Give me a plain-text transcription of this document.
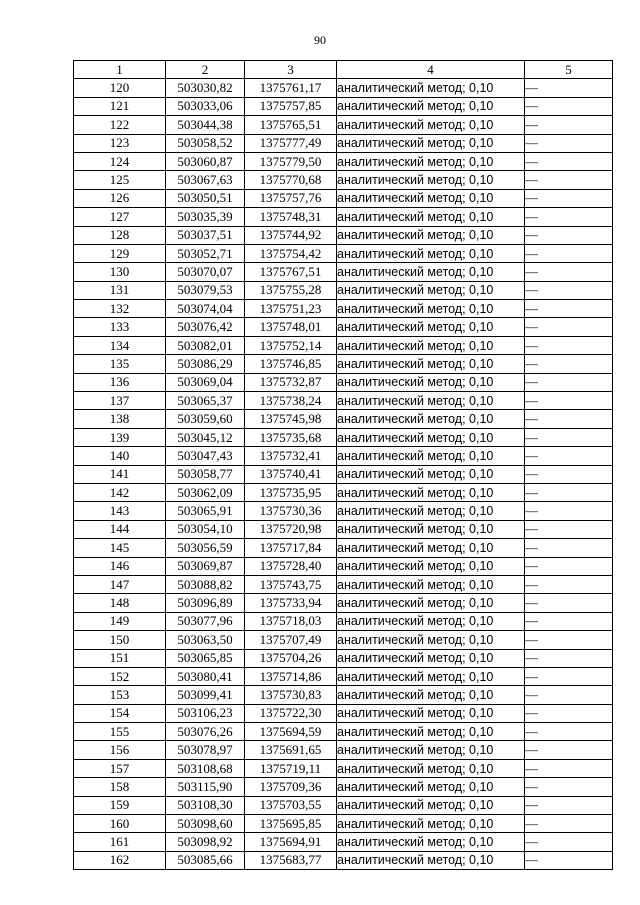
90
1	2	3	4	5
120	503030,82	1375761,17	аналитический метод; 0,10	—
121	503033,06	1375757,85	аналитический метод; 0,10	—
122	503044,38	1375765,51	аналитический метод; 0,10	—
123	503058,52	1375777,49	аналитический метод; 0,10	—
124	503060,87	1375779,50	аналитический метод; 0,10	—
125	503067,63	1375770,68	аналитический метод; 0,10	—
126	503050,51	1375757,76	аналитический метод; 0,10	—
127	503035,39	1375748,31	аналитический метод; 0,10	—
128	503037,51	1375744,92	аналитический метод; 0,10	—
129	503052,71	1375754,42	аналитический метод; 0,10	—
130	503070,07	1375767,51	аналитический метод; 0,10	—
131	503079,53	1375755,28	аналитический метод; 0,10	—
132	503074,04	1375751,23	аналитический метод; 0,10	—
133	503076,42	1375748,01	аналитический метод; 0,10	—
134	503082,01	1375752,14	аналитический метод; 0,10	—
135	503086,29	1375746,85	аналитический метод; 0,10	—
136	503069,04	1375732,87	аналитический метод; 0,10	—
137	503065,37	1375738,24	аналитический метод; 0,10	—
138	503059,60	1375745,98	аналитический метод; 0,10	—
139	503045,12	1375735,68	аналитический метод; 0,10	—
140	503047,43	1375732,41	аналитический метод; 0,10	—
141	503058,77	1375740,41	аналитический метод; 0,10	—
142	503062,09	1375735,95	аналитический метод; 0,10	—
143	503065,91	1375730,36	аналитический метод; 0,10	—
144	503054,10	1375720,98	аналитический метод; 0,10	—
145	503056,59	1375717,84	аналитический метод; 0,10	—
146	503069,87	1375728,40	аналитический метод; 0,10	—
147	503088,82	1375743,75	аналитический метод; 0,10	—
148	503096,89	1375733,94	аналитический метод; 0,10	—
149	503077,96	1375718,03	аналитический метод; 0,10	—
150	503063,50	1375707,49	аналитический метод; 0,10	—
151	503065,85	1375704,26	аналитический метод; 0,10	—
152	503080,41	1375714,86	аналитический метод; 0,10	—
153	503099,41	1375730,83	аналитический метод; 0,10	—
154	503106,23	1375722,30	аналитический метод; 0,10	—
155	503076,26	1375694,59	аналитический метод; 0,10	—
156	503078,97	1375691,65	аналитический метод; 0,10	—
157	503108,68	1375719,11	аналитический метод; 0,10	—
158	503115,90	1375709,36	аналитический метод; 0,10	—
159	503108,30	1375703,55	аналитический метод; 0,10	—
160	503098,60	1375695,85	аналитический метод; 0,10	—
161	503098,92	1375694,91	аналитический метод; 0,10	—
162	503085,66	1375683,77	аналитический метод; 0,10	—
